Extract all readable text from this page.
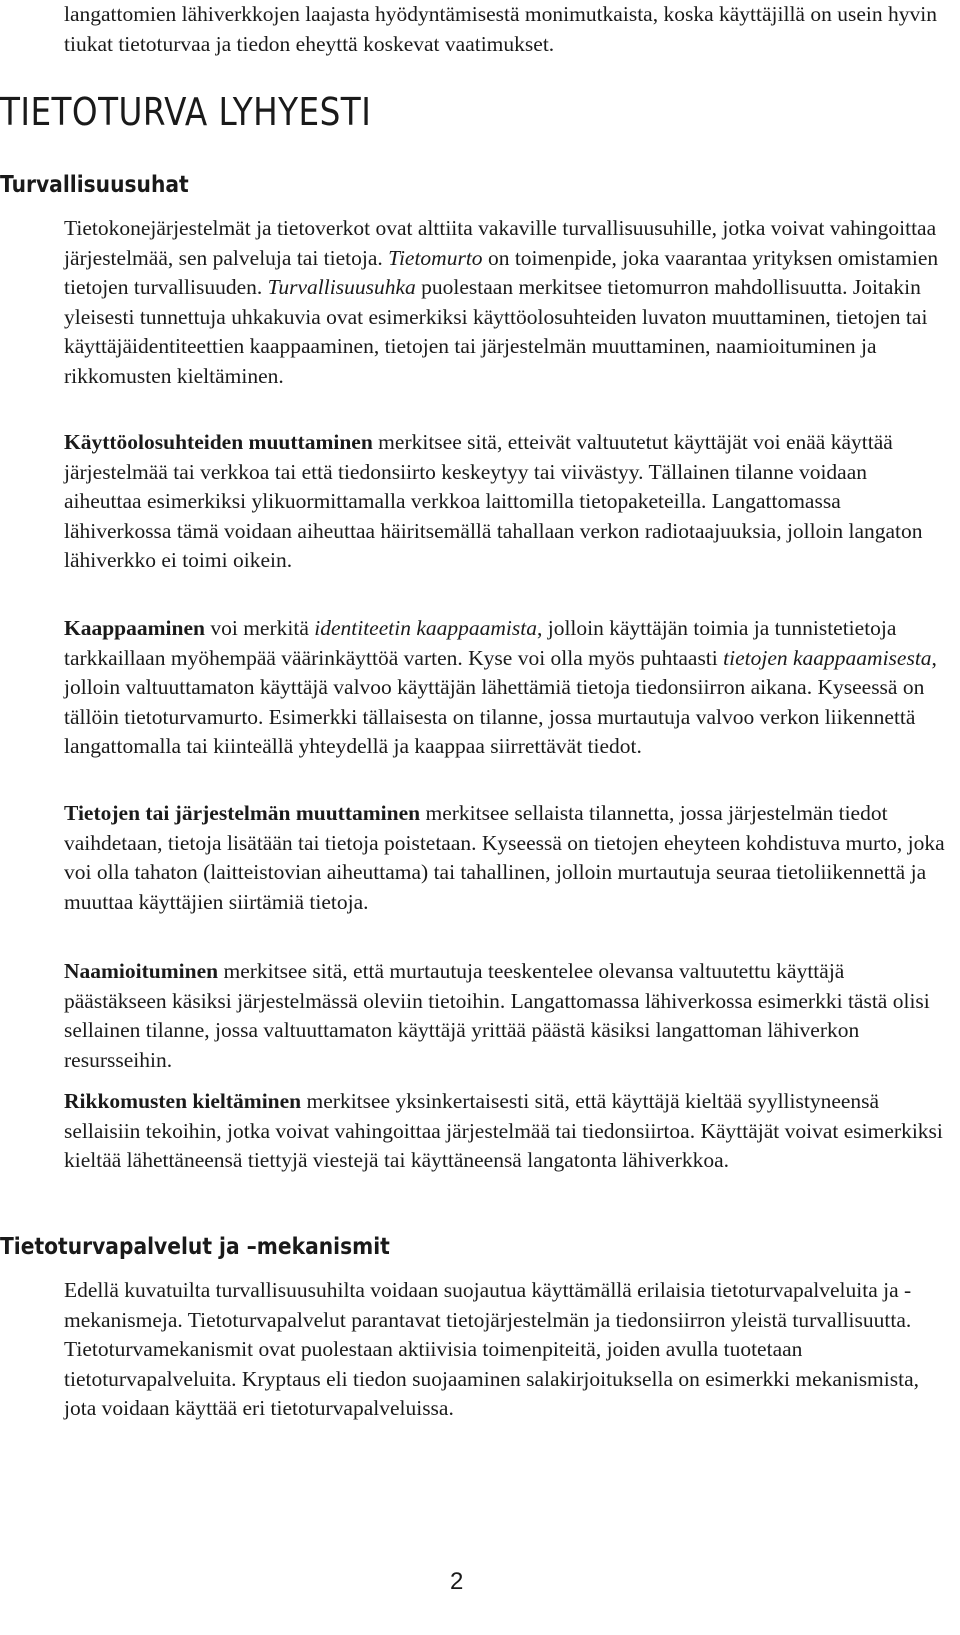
langattomien lähiverkkojen laajasta hyödyntämisestä monimutkaista, koska käyttäjillä on usein hyvin tiukat tietoturvaa ja tiedon eheyttä koskevat vaatimukset.

TIETOTURVA LYHYESTI
Turvallisuusuhat

Tietokonejärjestelmät ja tietoverkot ovat alttiita vakaville turvallisuusuhille, jotka voivat vahingoittaa järjestelmää, sen palveluja tai tietoja. Tietomurto on toimenpide, joka vaarantaa yrityksen omistamien tietojen turvallisuuden. Turvallisuusuhka puolestaan merkitsee tietomurron mahdollisuutta. Joitakin yleisesti tunnettuja uhkakuvia ovat esimerkiksi käyttöolosuhteiden luvaton muuttaminen, tietojen tai käyttäjäidentiteettien kaappaaminen, tietojen tai järjestelmän muuttaminen, naamioituminen ja rikkomusten kieltäminen.

Käyttöolosuhteiden muuttaminen merkitsee sitä, etteivät valtuutetut käyttäjät voi enää käyttää järjestelmää tai verkkoa tai että tiedonsiirto keskeytyy tai viivästyy. Tällainen tilanne voidaan aiheuttaa esimerkiksi ylikuormittamalla verkkoa laittomilla tietopaketeilla. Langattomassa lähiverkossa tämä voidaan aiheuttaa häiritsemällä tahallaan verkon radiotaajuuksia, jolloin langaton lähiverkko ei toimi oikein.

Kaappaaminen voi merkitä identiteetin kaappaamista, jolloin käyttäjän toimia ja tunnistetietoja tarkkaillaan myöhempää väärinkäyttöä varten. Kyse voi olla myös puhtaasti tietojen kaappaamisesta, jolloin valtuuttamaton käyttäjä valvoo käyttäjän lähettämiä tietoja tiedonsiirron aikana. Kyseessä on tällöin tietoturvamurto. Esimerkki tällaisesta on tilanne, jossa murtautuja valvoo verkon liikennettä langattomalla tai kiinteällä yhteydellä ja kaappaa siirrettävät tiedot.

Tietojen tai järjestelmän muuttaminen merkitsee sellaista tilannetta, jossa järjestelmän tiedot vaihdetaan, tietoja lisätään tai tietoja poistetaan. Kyseessä on tietojen eheyteen kohdistuva murto, joka voi olla tahaton (laitteistovian aiheuttama) tai tahallinen, jolloin murtautuja seuraa tietoliikennettä ja muuttaa käyttäjien siirtämiä tietoja.

Naamioituminen merkitsee sitä, että murtautuja teeskentelee olevansa valtuutettu käyttäjä päästäkseen käsiksi järjestelmässä oleviin tietoihin. Langattomassa lähiverkossa esimerkki tästä olisi sellainen tilanne, jossa valtuuttamaton käyttäjä yrittää päästä käsiksi langattoman lähiverkon resursseihin.

Rikkomusten kieltäminen merkitsee yksinkertaisesti sitä, että käyttäjä kieltää syyllistyneensä sellaisiin tekoihin, jotka voivat vahingoittaa järjestelmää tai tiedonsiirtoa. Käyttäjät voivat esimerkiksi kieltää lähettäneensä tiettyjä viestejä tai käyttäneensä langatonta lähiverkkoa.

Tietoturvapalvelut ja –mekanismit

Edellä kuvatuilta turvallisuusuhilta voidaan suojautua käyttämällä erilaisia tietoturvapalveluita ja -mekanismeja. Tietoturvapalvelut parantavat tietojärjestelmän ja tiedonsiirron yleistä turvallisuutta. Tietoturvamekanismit ovat puolestaan aktiivisia toimenpiteitä, joiden avulla tuotetaan tietoturvapalveluita. Kryptaus eli tiedon suojaaminen salakirjoituksella on esimerkki mekanismista, jota voidaan käyttää eri tietoturvapalveluissa.

2
